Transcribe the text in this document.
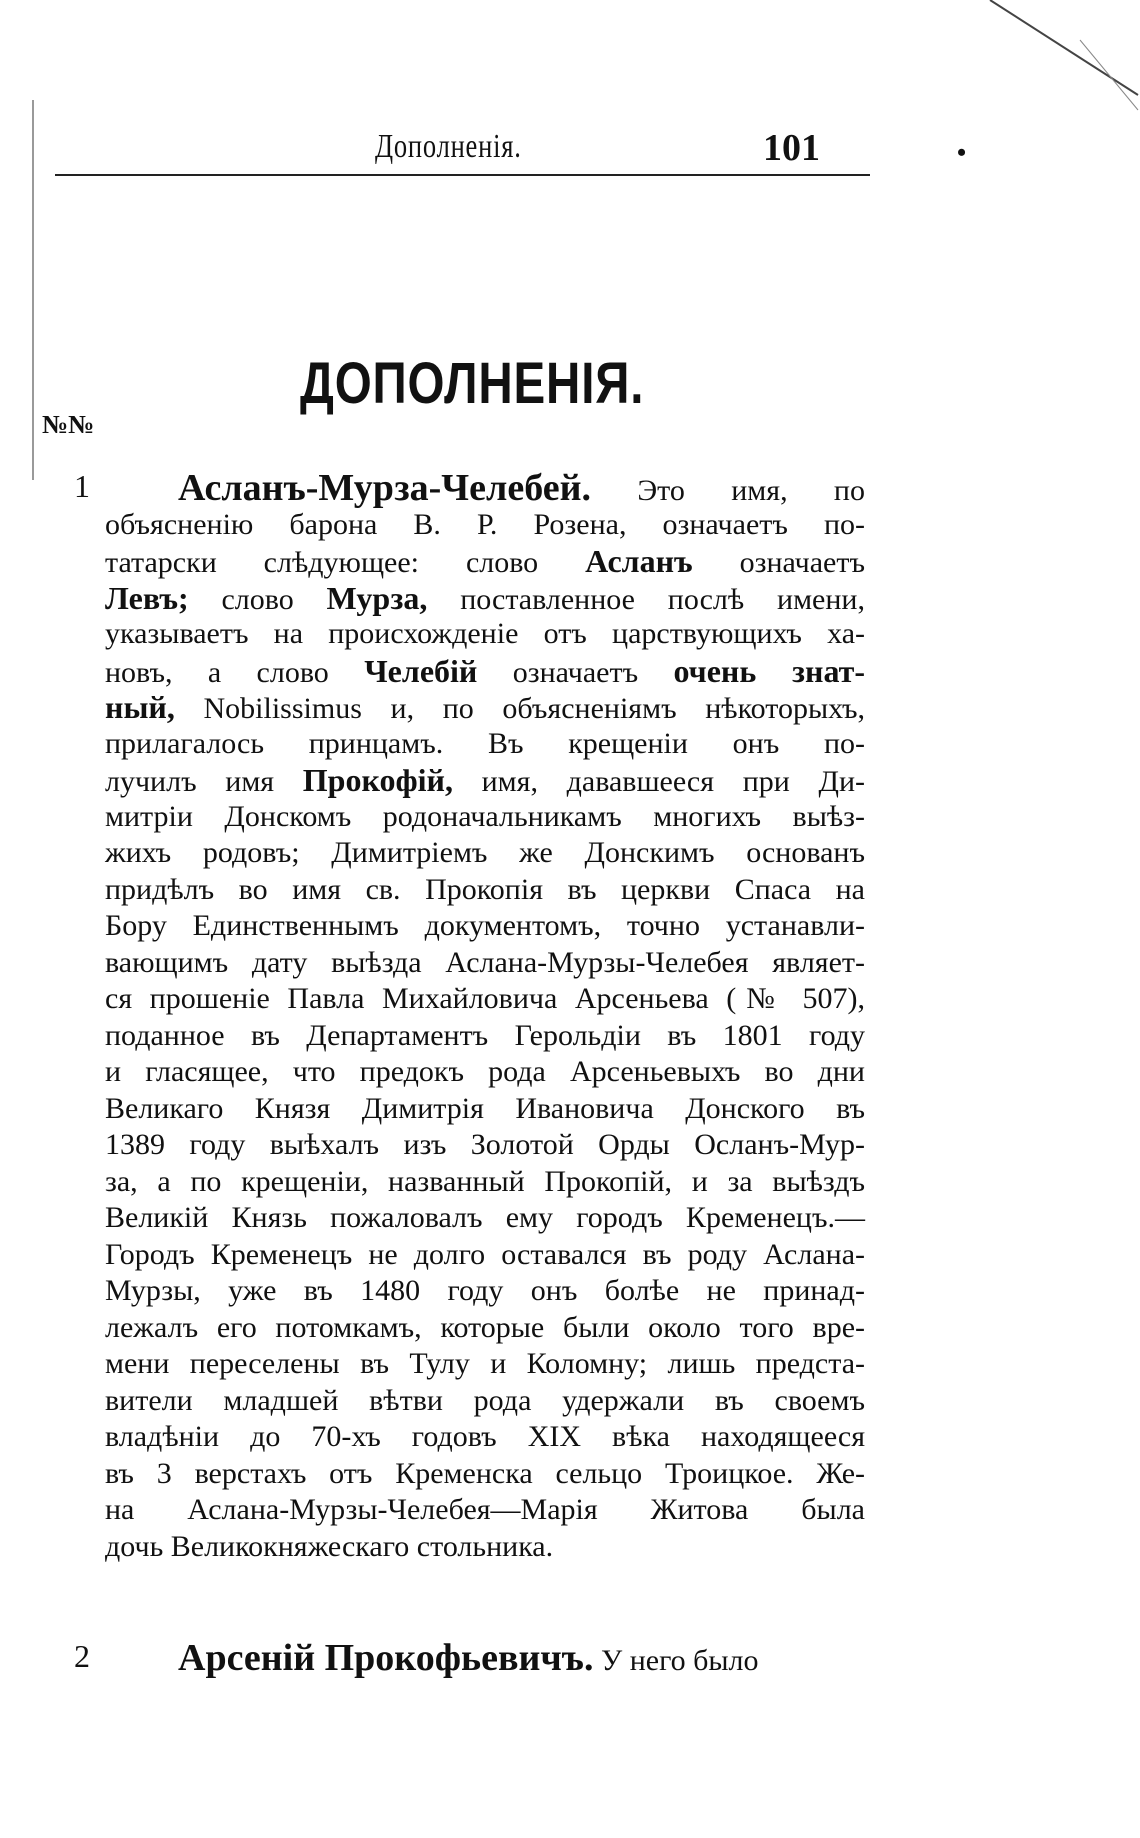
Дополненія.	101	•
ДОПОЛНЕНІЯ.
№№
1 Асланъ-Мурза-Челебей. Это имя, по
объясненію барона В. Р. Розена, означаетъ по-
татарски слѣдующее: слово Асланъ означаетъ
Левъ; слово Мурза, поставленное послѣ имени,
указываетъ на происхожденіе отъ царствующихъ ха-
новъ, а слово Челебій означаетъ очень знат-
ный, Nobilissimus и, по объясненіямъ нѣкоторыхъ,
прилагалось принцамъ. Въ крещеніи онъ по-
лучилъ имя Прокофій, имя, дававшееся при Ди-
митріи Донскомъ родоначальникамъ многихъ выѣз-
жихъ родовъ; Димитріемъ же Донскимъ основанъ
придѣлъ во имя св. Прокопія въ церкви Спаса на
Бору Единственнымъ документомъ, точно устанавли-
вающимъ дату выѣзда Аслана-Мурзы-Челебея являет-
ся прошеніе Павла Михайловича Арсеньева (№ 507),
поданное въ Департаментъ Герольдіи въ 1801 году
и гласящее, что предокъ рода Арсеньевыхъ во дни
Великаго Князя Димитрія Ивановича Донского въ
1389 году выѣхалъ изъ Золотой Орды Осланъ-Мур-
за, а по крещеніи, названный Прокопій, и за выѣздъ
Великій Князь пожаловалъ ему городъ Кременецъ.—
Городъ Кременецъ не долго оставался въ роду Аслана-
Мурзы, уже въ 1480 году онъ болѣе не принад-
лежалъ его потомкамъ, которые были около того вре-
мени переселены въ Тулу и Коломну; лишь предста-
вители младшей вѣтви рода удержали въ своемъ
владѣніи до 70-хъ годовъ XIX вѣка находящееся
въ 3 верстахъ отъ Кременска сельцо Троицкое. Же-
на Аслана-Мурзы-Челебея—Марія Житова была
дочь Великокняжескаго стольника.
2 Арсеній Прокофьевичъ. У него было
